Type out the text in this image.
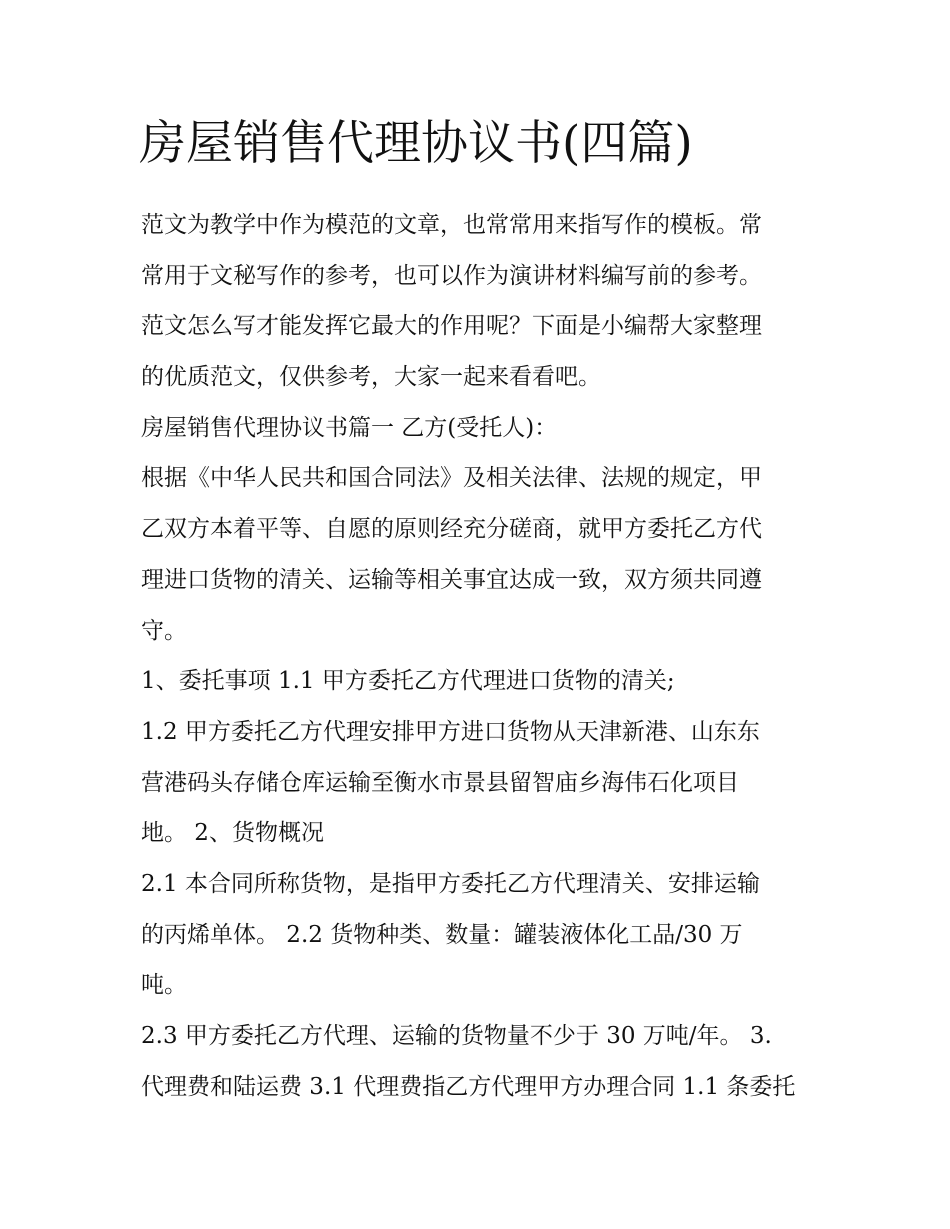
房屋销售代理协议书(四篇)

范文为教学中作为模范的文章，也常常用来指写作的模板。常

常用于文秘写作的参考，也可以作为演讲材料编写前的参考。

范文怎么写才能发挥它最大的作用呢？下面是小编帮大家整理

的优质范文，仅供参考，大家一起来看看吧。

房屋销售代理协议书篇一 乙方(受托人)：

根据《中华人民共和国合同法》及相关法律、法规的规定，甲

乙双方本着平等、自愿的原则经充分磋商，就甲方委托乙方代

理进口货物的清关、运输等相关事宜达成一致，双方须共同遵

守。

1、委托事项 1.1 甲方委托乙方代理进口货物的清关;

1.2 甲方委托乙方代理安排甲方进口货物从天津新港、山东东

营港码头存储仓库运输至衡水市景县留智庙乡海伟石化项目

地。 2、货物概况

2.1 本合同所称货物，是指甲方委托乙方代理清关、安排运输

的丙烯单体。 2.2 货物种类、数量：罐装液体化工品/30 万

吨。

2.3 甲方委托乙方代理、运输的货物量不少于 30 万吨/年。 3.

代理费和陆运费 3.1 代理费指乙方代理甲方办理合同 1.1 条委托
